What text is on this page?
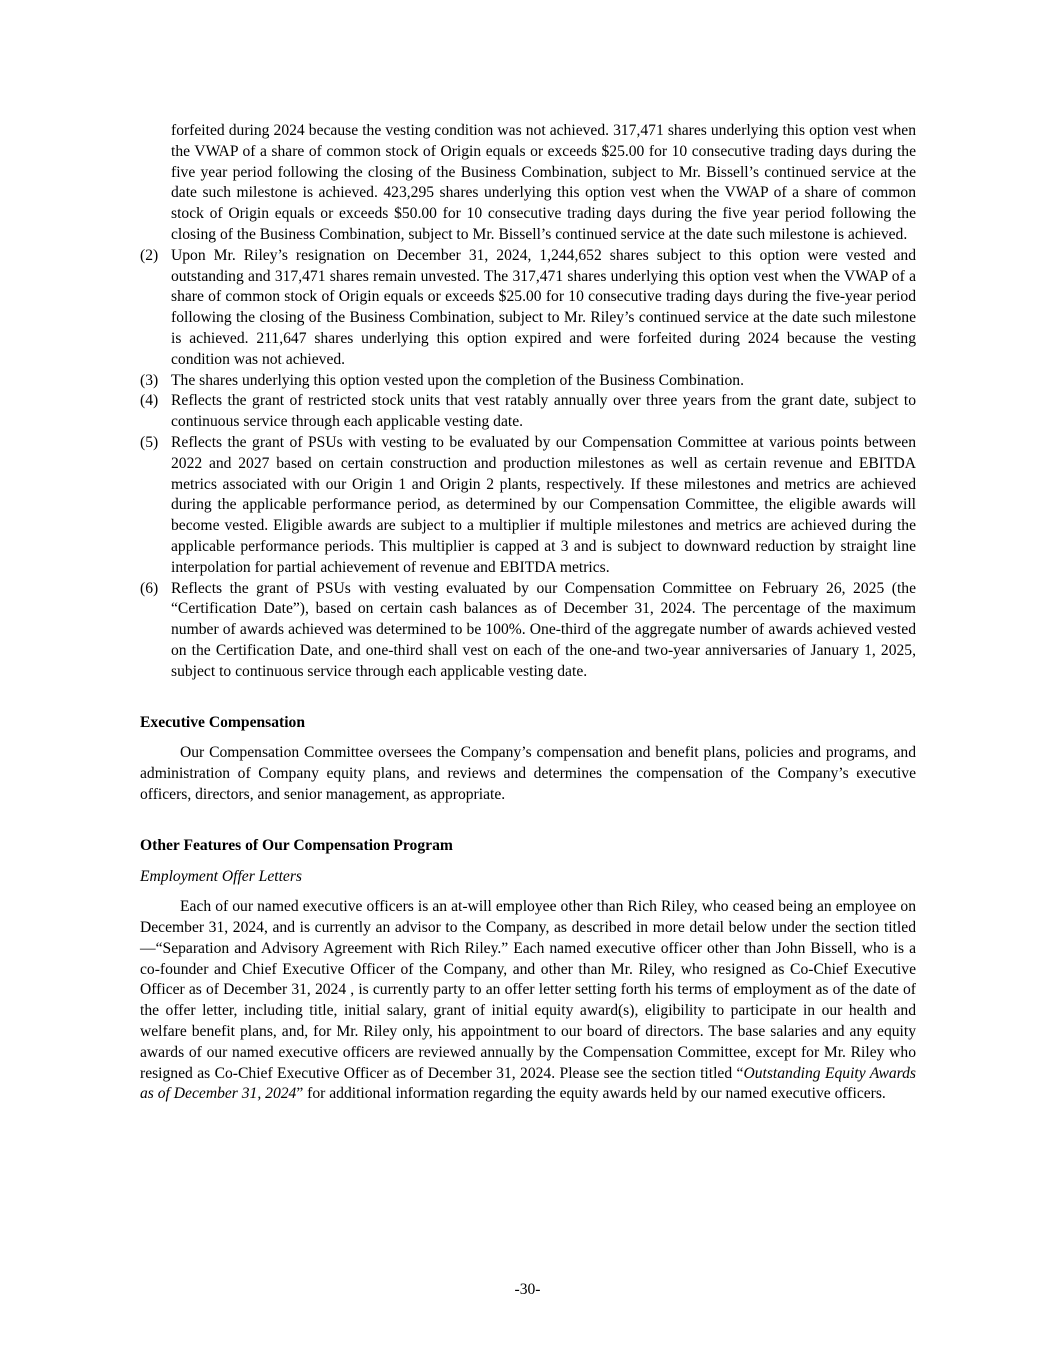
forfeited during 2024 because the vesting condition was not achieved. 317,471 shares underlying this option vest when the VWAP of a share of common stock of Origin equals or exceeds $25.00 for 10 consecutive trading days during the five year period following the closing of the Business Combination, subject to Mr. Bissell’s continued service at the date such milestone is achieved. 423,295 shares underlying this option vest when the VWAP of a share of common stock of Origin equals or exceeds $50.00 for 10 consecutive trading days during the five year period following the closing of the Business Combination, subject to Mr. Bissell’s continued service at the date such milestone is achieved.

(2) Upon Mr. Riley’s resignation on December 31, 2024, 1,244,652 shares subject to this option were vested and outstanding and 317,471 shares remain unvested. The 317,471 shares underlying this option vest when the VWAP of a share of common stock of Origin equals or exceeds $25.00 for 10 consecutive trading days during the five-year period following the closing of the Business Combination, subject to Mr. Riley’s continued service at the date such milestone is achieved. 211,647 shares underlying this option expired and were forfeited during 2024 because the vesting condition was not achieved.
(3) The shares underlying this option vested upon the completion of the Business Combination.
(4) Reflects the grant of restricted stock units that vest ratably annually over three years from the grant date, subject to continuous service through each applicable vesting date.
(5) Reflects the grant of PSUs with vesting to be evaluated by our Compensation Committee at various points between 2022 and 2027 based on certain construction and production milestones as well as certain revenue and EBITDA metrics associated with our Origin 1 and Origin 2 plants, respectively. If these milestones and metrics are achieved during the applicable performance period, as determined by our Compensation Committee, the eligible awards will become vested. Eligible awards are subject to a multiplier if multiple milestones and metrics are achieved during the applicable performance periods. This multiplier is capped at 3 and is subject to downward reduction by straight line interpolation for partial achievement of revenue and EBITDA metrics.
(6) Reflects the grant of PSUs with vesting evaluated by our Compensation Committee on February 26, 2025 (the “Certification Date”), based on certain cash balances as of December 31, 2024. The percentage of the maximum number of awards achieved was determined to be 100%. One-third of the aggregate number of awards achieved vested on the Certification Date, and one-third shall vest on each of the one-and two-year anniversaries of January 1, 2025, subject to continuous service through each applicable vesting date.
Executive Compensation

Our Compensation Committee oversees the Company’s compensation and benefit plans, policies and programs, and administration of Company equity plans, and reviews and determines the compensation of the Company’s executive officers, directors, and senior management, as appropriate.

Other Features of Our Compensation Program
Employment Offer Letters

Each of our named executive officers is an at-will employee other than Rich Riley, who ceased being an employee on December 31, 2024, and is currently an advisor to the Company, as described in more detail below under the section titled—“Separation and Advisory Agreement with Rich Riley.” Each named executive officer other than John Bissell, who is a co-founder and Chief Executive Officer of the Company, and other than Mr. Riley, who resigned as Co-Chief Executive Officer as of December 31, 2024 , is currently party to an offer letter setting forth his terms of employment as of the date of the offer letter, including title, initial salary, grant of initial equity award(s), eligibility to participate in our health and welfare benefit plans, and, for Mr. Riley only, his appointment to our board of directors. The base salaries and any equity awards of our named executive officers are reviewed annually by the Compensation Committee, except for Mr. Riley who resigned as Co-Chief Executive Officer as of December 31, 2024. Please see the section titled “Outstanding Equity Awards as of December 31, 2024” for additional information regarding the equity awards held by our named executive officers.

-30-
